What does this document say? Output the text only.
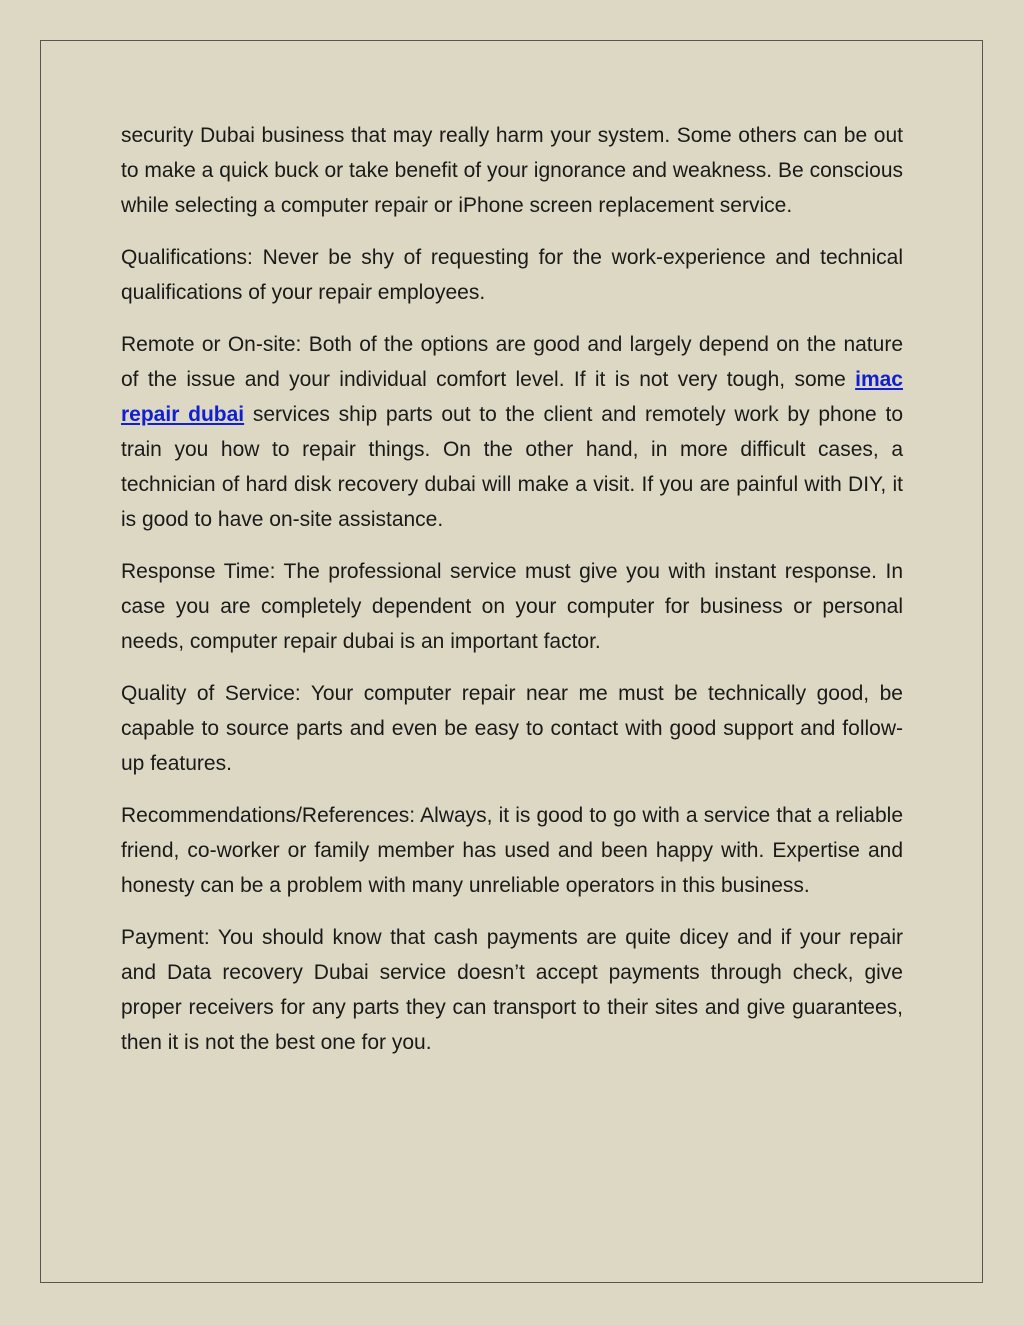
security Dubai business that may really harm your system. Some others can be out to make a quick buck or take benefit of your ignorance and weakness. Be conscious while selecting a computer repair or iPhone screen replacement service.

Qualifications: Never be shy of requesting for the work-experience and technical qualifications of your repair employees.

Remote or On-site: Both of the options are good and largely depend on the nature of the issue and your individual comfort level. If it is not very tough, some imac repair dubai services ship parts out to the client and remotely work by phone to train you how to repair things. On the other hand, in more difficult cases, a technician of hard disk recovery dubai will make a visit. If you are painful with DIY, it is good to have on-site assistance.

Response Time: The professional service must give you with instant response. In case you are completely dependent on your computer for business or personal needs, computer repair dubai is an important factor.

Quality of Service: Your computer repair near me must be technically good, be capable to source parts and even be easy to contact with good support and follow-up features.

Recommendations/References: Always, it is good to go with a service that a reliable friend, co-worker or family member has used and been happy with. Expertise and honesty can be a problem with many unreliable operators in this business.

Payment: You should know that cash payments are quite dicey and if your repair and Data recovery Dubai service doesn’t accept payments through check, give proper receivers for any parts they can transport to their sites and give guarantees, then it is not the best one for you.
